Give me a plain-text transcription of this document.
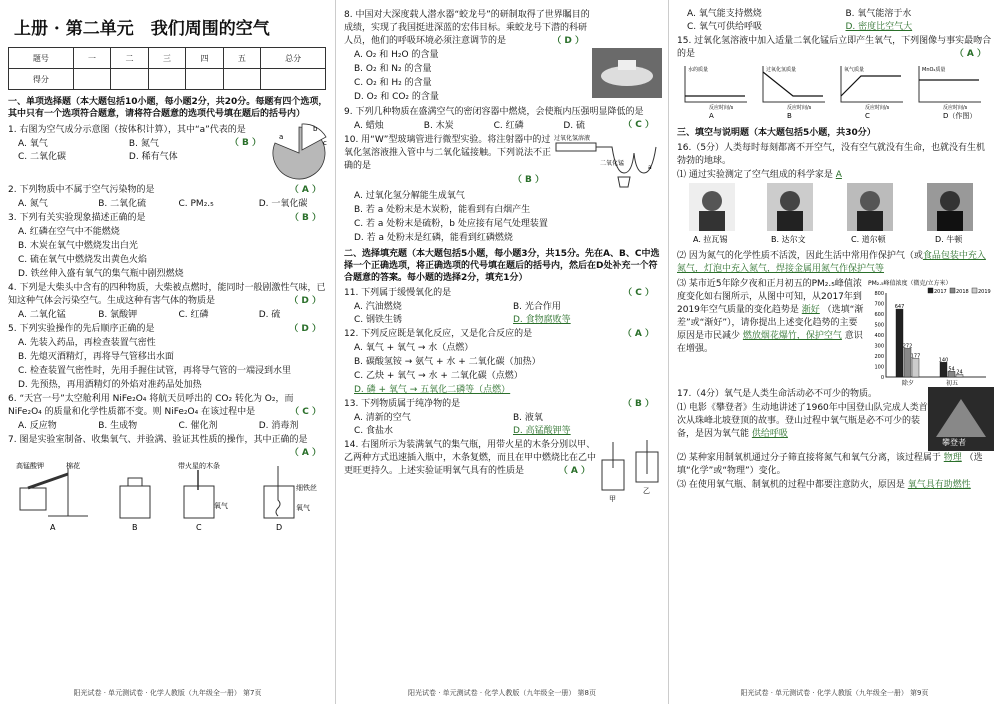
上册 · 第二单元　我们周围的空气
题号	一	二	三	四	五	总分
得分						
一、单项选择题（本大题包括10小题，每小题2分，共20分。每题有四个选项，其中只有一个选项符合题意，请将符合题意的选项代号填在题后的括号内）
1. 右图为空气成分示意图（按体积计算），其中“a”代表的是
（ B ）
A. 氧气	B. 氮气
C. 二氧化碳	D. 稀有气体
a
b
c
2. 下列物质中不属于空气污染物的是	（ A ）
A. 氮气	B. 二氧化硫	C. PM₂.₅	D. 一氧化碳
3. 下列有关实验现象描述正确的是	（ B ）
A. 红磷在空气中不能燃烧
B. 木炭在氧气中燃烧发出白光
C. 硫在氧气中燃烧发出黄色火焰
D. 铁丝伸入盛有氧气的集气瓶中剧烈燃烧
4. 下列是大柴头中含有的四种物质，大柴被点燃时，能同时一般剧激性气味，已知这种气体会污染空气。生成这种有害气体的物质是	（ D ）
A. 二氧化锰	B. 氯酸钾	C. 红磷	D. 硫
5. 下列实验操作的先后顺序正确的是	（ D ）
A. 先装入药品，再检查装置气密性
B. 先熄灭酒精灯，再将导气管移出水面
C. 检查装置气密性时，先用手握住试管，再将导气管的一端浸到水里
D. 先预热，再用酒精灯的外焰对准药品处加热
6. “天宫一号”太空舱利用 NiFe₂O₄ 将航天员呼出的 CO₂ 转化为 O₂，而 NiFe₂O₄ 的质量和化学性质都不变。则 NiFe₂O₄ 在该过程中是	（ C ）
A. 反应物	B. 生成物	C. 催化剂	D. 消毒剂
7. 图是实验室制备、收集氧气、并验满、验证其性质的操作，其中正确的是
（ A ）
高锰酸钾	棉花	带火星的木条
氧气
细铁丝
氧气
A	B	C	D
阳光试卷 · 单元测试卷 · 化学人教版（九年级全一册） 第7页
8. 中国对大深度载人潜水器“蛟龙号”的研制取得了世界瞩目的成绩，实现了我国挺进深蓝的宏伟目标。乘蛟龙号下潜的科研人员，他们的呼吸环境必须注意调节的是	（ D ）
A. O₂ 和 H₂O 的含量
B. O₂ 和 N₂ 的含量
C. O₂ 和 H₂ 的含量
D. O₂ 和 CO₂ 的含量
9. 下列几种物质在盛满空气的密闭容器中燃烧，会使瓶内压强明显降低的是
（ C ）
A. 蜡烛	B. 木炭	C. 红磷	D. 硫
10. 用“W”型玻璃管进行微型实验。将注射器中的过氧化氢溶液推入管中与二氧化锰接触。下列说法不正确的是
（ B ）
过氧化氢溶液
二氧化锰
a
A. 过氧化氢分解能生成氧气
B. 若 a 处粉末是木炭粉，能看到有白烟产生
C. 若 a 处粉末是硫粉，b 处应接有尾气处理装置
D. 若 a 处粉末是红磷，能看到红磷燃烧
二、选择填充题（本大题包括5小题，每小题3分，共15分。先在A、B、C中选择一个正确选项，将正确选项的代号填在题后的括号内，然后在D处补充一个符合题意的答案。每小题的选择2分，填充1分）
11. 下列属于缓慢氧化的是	（ C ）
A. 汽油燃烧	B. 光合作用
C. 钢铁生锈	D. 食物腐败等
12. 下列反应既是氧化反应，又是化合反应的是	（ A ）
A. 氧气 + 氧气 → 水（点燃）
B. 碳酸氢铵 → 氨气 + 水 + 二氧化碳（加热）
C. 乙炔 + 氧气 → 水 + 二氧化碳（点燃）
D. 磷 + 氧气 → 五氧化二磷等（点燃）
13. 下列物质属于纯净物的是	（ B ）
A. 清新的空气	B. 液氧
C. 食盐水	D. 高锰酸钾等
14. 右图所示为装满氧气的集气瓶，用带火星的木条分别以甲、乙两种方式迅速插入瓶中，木条复燃，而且在甲中燃烧比在乙中更旺更持久。上述实验证明氧气具有的性质是	（ A ）
甲
乙
阳光试卷 · 单元测试卷 · 化学人教版（九年级全一册） 第8页
A. 氧气能支持燃烧	B. 氧气能溶于水
C. 氧气可供给呼吸	D. 密度比空气大
15. 过氧化氢溶液中加入适量二氧化锰后立即产生氧气，下列图像与事实最吻合的是	（ A ）
水的质量
反应时间/s
A
过氧化氢质量
反应时间/s
B
氧气质量
反应时间/s
C
MnO₂质量
反应时间/s
D（作图）
三、填空与说明题（本大题包括5小题，共30分）
16.（5分）人类每时每刻都离不开空气，没有空气就没有生命，也就没有生机勃勃的地球。
⑴ 通过实验测定了空气组成的科学家是 A
A. 拉瓦锡	B. 达尔文	C. 道尔顿	D. 牛顿
⑵ 因为氮气的化学性质不活泼，因此生活中常用作保护气（或食品包装中充入氮气，灯泡中充入氮气，焊接金属用氮气作保护气等
⑶ 某市近5年除夕夜和正月初五的PM₂.₅峰值浓度变化如右图所示，从图中可知，从2017年到2019年空气质量的变化趋势是 渐好 （选填“渐差”或“渐好”），请你提出上述变化趋势的主要原因是市民减少 燃放烟花爆竹，保护空气 意识在增强。
PM₂.₅峰值浓度（微克/立方米）
0
100
200
300
400
500
600
700
800
除夕	初五
647
272
177
140
54
24
2017 2018 2019
17.（4分）氧气是人类生命活动必不可少的物质。
⑴ 电影《攀登者》生动地讲述了1960年中国登山队完成人类首次从珠峰北坡登顶的故事。登山过程中氧气瓶是必不可少的装备，是因为氧气能 供给呼吸
攀登者
⑵ 某种家用制氧机通过分子筛直接将氮气和氧气分离，该过程属于 物理 （选填“化学”或“物理”）变化。
⑶ 在使用氧气瓶、制氧机的过程中都要注意防火，原因是 氧气具有助燃性
阳光试卷 · 单元测试卷 · 化学人教版（九年级全一册） 第9页
